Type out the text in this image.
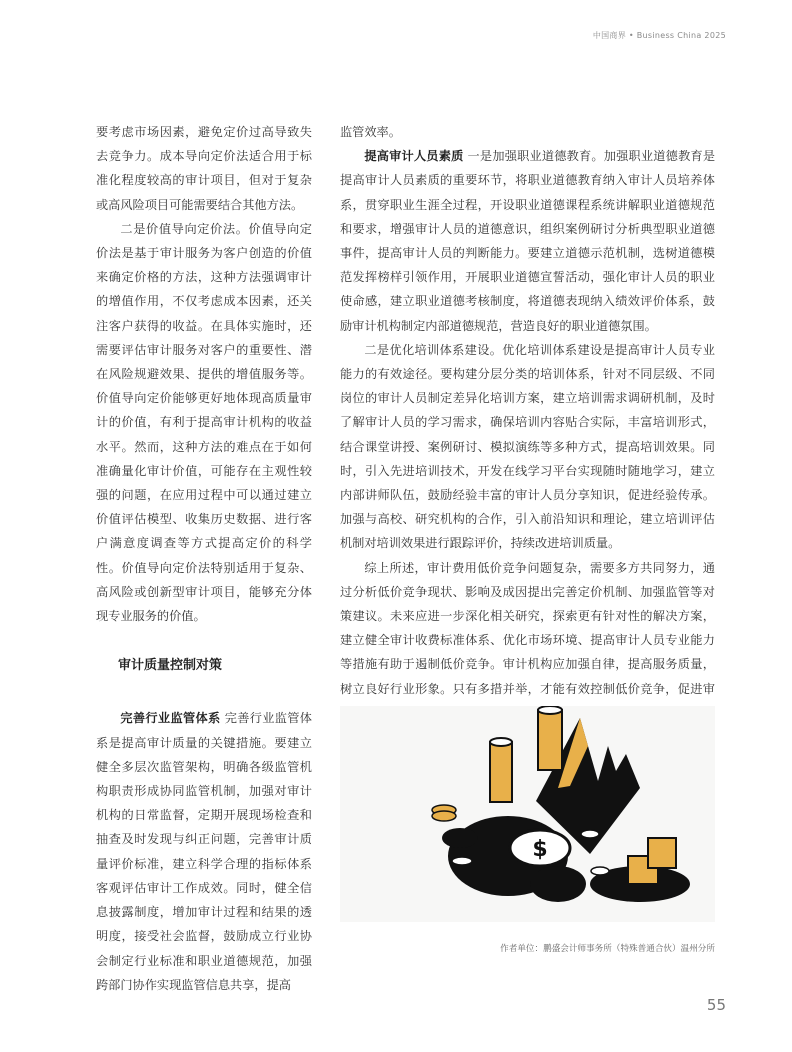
中国商界 • Business China 2025

要考虑市场因素，避免定价过高导致失去竞争力。成本导向定价法适合用于标准化程度较高的审计项目，但对于复杂或高风险项目可能需要结合其他方法。

二是价值导向定价法。价值导向定价法是基于审计服务为客户创造的价值来确定价格的方法，这种方法强调审计的增值作用，不仅考虑成本因素，还关注客户获得的收益。在具体实施时，还需要评估审计服务对客户的重要性、潜在风险规避效果、提供的增值服务等。价值导向定价能够更好地体现高质量审计的价值，有利于提高审计机构的收益水平。然而，这种方法的难点在于如何准确量化审计价值，可能存在主观性较强的问题，在应用过程中可以通过建立价值评估模型、收集历史数据、进行客户满意度调查等方式提高定价的科学性。价值导向定价法特别适用于复杂、高风险或创新型审计项目，能够充分体现专业服务的价值。

审计质量控制对策

完善行业监管体系 完善行业监管体系是提高审计质量的关键措施。要建立健全多层次监管架构，明确各级监管机构职责形成协同监管机制，加强对审计机构的日常监督，定期开展现场检查和抽查及时发现与纠正问题，完善审计质量评价标准，建立科学合理的指标体系客观评估审计工作成效。同时，健全信息披露制度，增加审计过程和结果的透明度，接受社会监督，鼓励成立行业协会制定行业标准和职业道德规范，加强跨部门协作实现监管信息共享，提高

监管效率。

提高审计人员素质 一是加强职业道德教育。加强职业道德教育是提高审计人员素质的重要环节，将职业道德教育纳入审计人员培养体系，贯穿职业生涯全过程，开设职业道德课程系统讲解职业道德规范和要求，增强审计人员的道德意识，组织案例研讨分析典型职业道德事件，提高审计人员的判断能力。要建立道德示范机制，选树道德模范发挥榜样引领作用，开展职业道德宣誓活动，强化审计人员的职业使命感，建立职业道德考核制度，将道德表现纳入绩效评价体系，鼓励审计机构制定内部道德规范，营造良好的职业道德氛围。

二是优化培训体系建设。优化培训体系建设是提高审计人员专业能力的有效途径。要构建分层分类的培训体系，针对不同层级、不同岗位的审计人员制定差异化培训方案，建立培训需求调研机制，及时了解审计人员的学习需求，确保培训内容贴合实际，丰富培训形式，结合课堂讲授、案例研讨、模拟演练等多种方式，提高培训效果。同时，引入先进培训技术，开发在线学习平台实现随时随地学习，建立内部讲师队伍，鼓励经验丰富的审计人员分享知识，促进经验传承。加强与高校、研究机构的合作，引入前沿知识和理论，建立培训评估机制对培训效果进行跟踪评价，持续改进培训质量。

综上所述，审计费用低价竞争问题复杂，需要多方共同努力，通过分析低价竞争现状、影响及成因提出完善定价机制、加强监管等对策建议。未来应进一步深化相关研究，探索更有针对性的解决方案，建立健全审计收费标准体系、优化市场环境、提高审计人员专业能力等措施有助于遏制低价竞争。审计机构应加强自律，提高服务质量，树立良好行业形象。只有多措并举，才能有效控制低价竞争，促进审

$
作者单位：鹏盛会计师事务所（特殊普通合伙）温州分所
55
